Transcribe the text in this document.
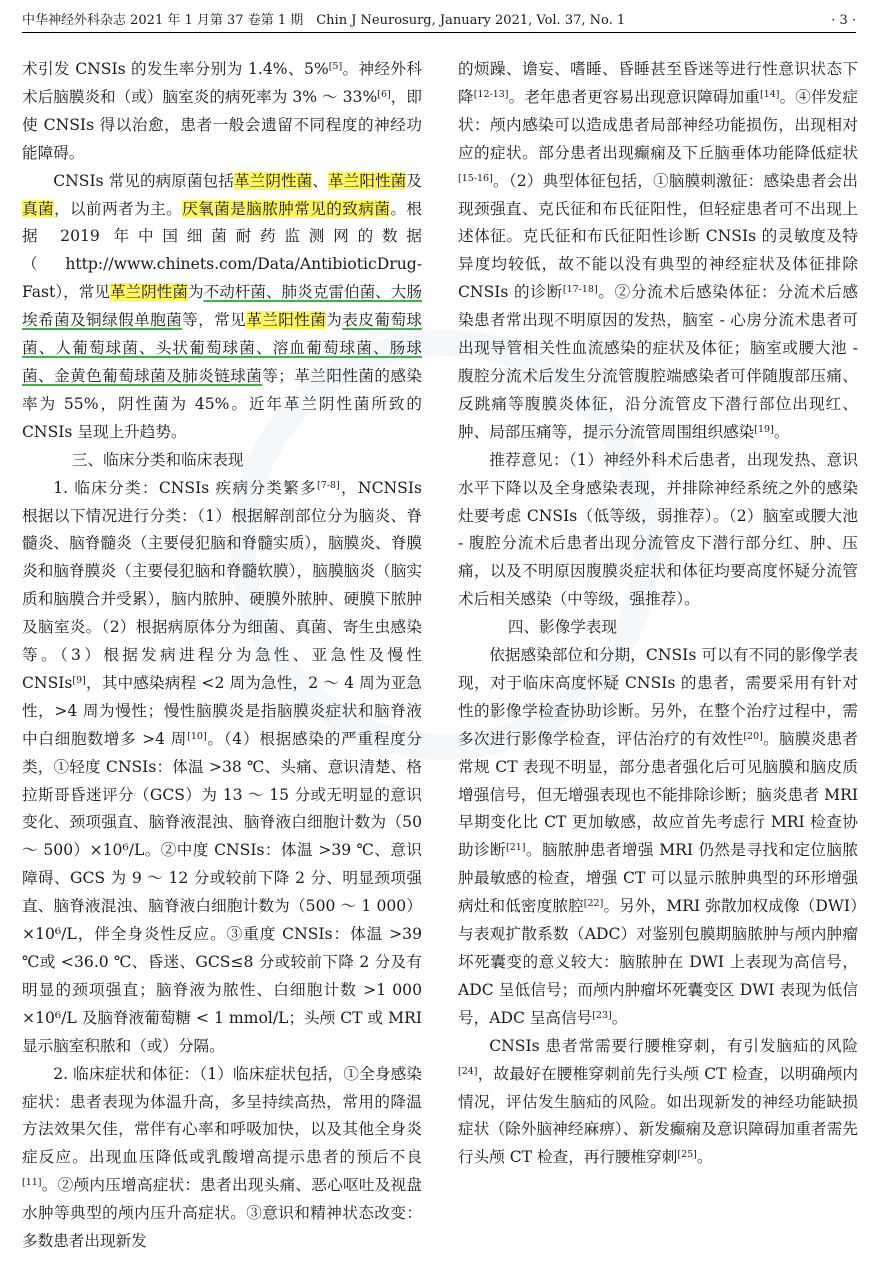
中华神经外科杂志 2021 年 1 月第 37 卷第 1 期　Chin J Neurosurg, January 2021, Vol. 37, No. 1	· 3 ·

术引发 CNSIs 的发生率分别为 1.4%、5%[5]。神经外科术后脑膜炎和（或）脑室炎的病死率为 3% ～ 33%[6]，即使 CNSIs 得以治愈，患者一般会遗留不同程度的神经功能障碍。

CNSIs 常见的病原菌包括革兰阴性菌、革兰阳性菌及真菌，以前两者为主。厌氧菌是脑脓肿常见的致病菌。根据 2019 年中国细菌耐药监测网的数据（http://www.chinets.com/Data/AntibioticDrug-Fast），常见革兰阴性菌为不动杆菌、肺炎克雷伯菌、大肠埃希菌及铜绿假单胞菌等，常见革兰阳性菌为表皮葡萄球菌、人葡萄球菌、头状葡萄球菌、溶血葡萄球菌、肠球菌、金黄色葡萄球菌及肺炎链球菌等；革兰阳性菌的感染率为 55%，阴性菌为 45%。近年革兰阴性菌所致的 CNSIs 呈现上升趋势。

三、临床分类和临床表现

1. 临床分类：CNSIs 疾病分类繁多[7-8]，NCNSIs 根据以下情况进行分类：（1）根据解剖部位分为脑炎、脊髓炎、脑脊髓炎（主要侵犯脑和脊髓实质），脑膜炎、脊膜炎和脑脊膜炎（主要侵犯脑和脊髓软膜），脑膜脑炎（脑实质和脑膜合并受累），脑内脓肿、硬膜外脓肿、硬膜下脓肿及脑室炎。（2）根据病原体分为细菌、真菌、寄生虫感染等。（3）根据发病进程分为急性、亚急性及慢性 CNSIs[9]，其中感染病程 <2 周为急性，2 ～ 4 周为亚急性，>4 周为慢性；慢性脑膜炎是指脑膜炎症状和脑脊液中白细胞数增多 >4 周[10]。（4）根据感染的严重程度分类，①轻度 CNSIs：体温 >38 ℃、头痛、意识清楚、格拉斯哥昏迷评分（GCS）为 13 ～ 15 分或无明显的意识变化、颈项强直、脑脊液混浊、脑脊液白细胞计数为（50 ～ 500）×10⁶/L。②中度 CNSIs：体温 >39 ℃、意识障碍、GCS 为 9 ～ 12 分或较前下降 2 分、明显颈项强直、脑脊液混浊、脑脊液白细胞计数为（500 ～ 1 000）×10⁶/L，伴全身炎性反应。③重度 CNSIs：体温 >39 ℃或 <36.0 ℃、昏迷、GCS≤8 分或较前下降 2 分及有明显的颈项强直；脑脊液为脓性、白细胞计数 >1 000 ×10⁶/L 及脑脊液葡萄糖 < 1 mmol/L；头颅 CT 或 MRI 显示脑室积脓和（或）分隔。

2. 临床症状和体征：（1）临床症状包括，①全身感染症状：患者表现为体温升高，多呈持续高热，常用的降温方法效果欠佳，常伴有心率和呼吸加快，以及其他全身炎症反应。出现血压降低或乳酸增高提示患者的预后不良[11]。②颅内压增高症状：患者出现头痛、恶心呕吐及视盘水肿等典型的颅内压升高症状。③意识和精神状态改变：多数患者出现新发

的烦躁、谵妄、嗜睡、昏睡甚至昏迷等进行性意识状态下降[12-13]。老年患者更容易出现意识障碍加重[14]。④伴发症状：颅内感染可以造成患者局部神经功能损伤，出现相对应的症状。部分患者出现癫痫及下丘脑垂体功能降低症状[15-16]。（2）典型体征包括，①脑膜刺激征：感染患者会出现颈强直、克氏征和布氏征阳性，但轻症患者可不出现上述体征。克氏征和布氏征阳性诊断 CNSIs 的灵敏度及特异度均较低，故不能以没有典型的神经症状及体征排除 CNSIs 的诊断[17-18]。②分流术后感染体征：分流术后感染患者常出现不明原因的发热，脑室 - 心房分流术患者可出现导管相关性血流感染的症状及体征；脑室或腰大池 - 腹腔分流术后发生分流管腹腔端感染者可伴随腹部压痛、反跳痛等腹膜炎体征，沿分流管皮下潜行部位出现红、肿、局部压痛等，提示分流管周围组织感染[19]。

推荐意见：（1）神经外科术后患者，出现发热、意识水平下降以及全身感染表现，并排除神经系统之外的感染灶要考虑 CNSIs（低等级，弱推荐）。（2）脑室或腰大池 - 腹腔分流术后患者出现分流管皮下潜行部分红、肿、压痛，以及不明原因腹膜炎症状和体征均要高度怀疑分流管术后相关感染（中等级，强推荐）。

四、影像学表现

依据感染部位和分期，CNSIs 可以有不同的影像学表现，对于临床高度怀疑 CNSIs 的患者，需要采用有针对性的影像学检查协助诊断。另外，在整个治疗过程中，需多次进行影像学检查，评估治疗的有效性[20]。脑膜炎患者常规 CT 表现不明显，部分患者强化后可见脑膜和脑皮质增强信号，但无增强表现也不能排除诊断；脑炎患者 MRI 早期变化比 CT 更加敏感，故应首先考虑行 MRI 检查协助诊断[21]。脑脓肿患者增强 MRI 仍然是寻找和定位脑脓肿最敏感的检查，增强 CT 可以显示脓肿典型的环形增强病灶和低密度脓腔[22]。另外，MRI 弥散加权成像（DWI）与表观扩散系数（ADC）对鉴别包膜期脑脓肿与颅内肿瘤坏死囊变的意义较大：脑脓肿在 DWI 上表现为高信号，ADC 呈低信号；而颅内肿瘤坏死囊变区 DWI 表现为低信号，ADC 呈高信号[23]。

CNSIs 患者常需要行腰椎穿刺，有引发脑疝的风险[24]，故最好在腰椎穿刺前先行头颅 CT 检查，以明确颅内情况，评估发生脑疝的风险。如出现新发的神经功能缺损症状（除外脑神经麻痹）、新发癫痫及意识障碍加重者需先行头颅 CT 检查，再行腰椎穿刺[25]。
